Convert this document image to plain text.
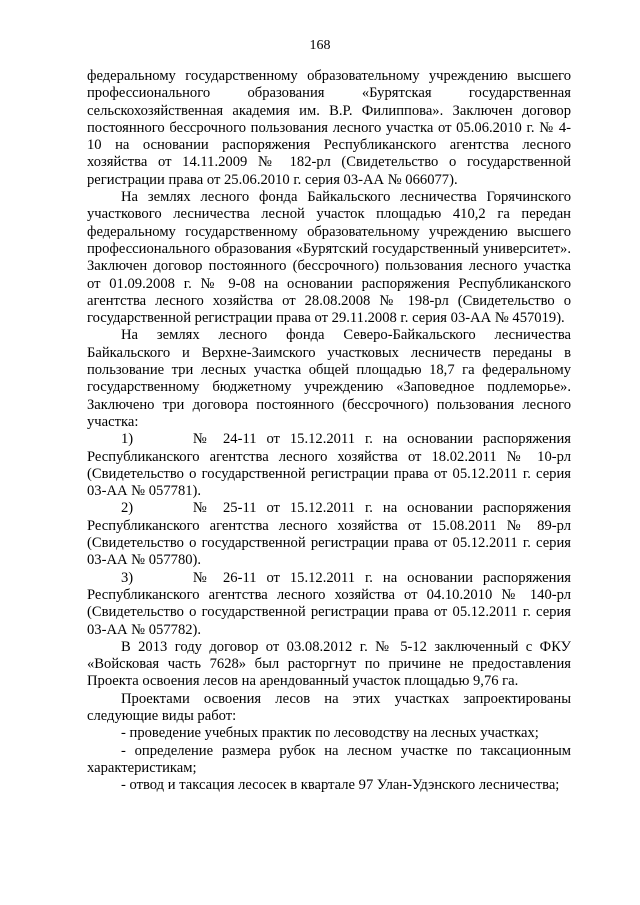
168

федеральному государственному образовательному учреждению высшего профессионального образования «Бурятская государственная сельскохозяйственная академия им. В.Р. Филиппова». Заключен договор постоянного бессрочного пользования лесного участка от 05.06.2010 г. № 4-10 на основании распоряжения Республиканского агентства лесного хозяйства от 14.11.2009 № 182-рл (Свидетельство о государственной регистрации права от 25.06.2010 г. серия 03-АА № 066077).

На землях лесного фонда Байкальского лесничества Горячинского участкового лесничества лесной участок площадью 410,2 га передан федеральному государственному образовательному учреждению высшего профессионального образования «Бурятский государственный университет». Заключен договор постоянного (бессрочного) пользования лесного участка от 01.09.2008 г. № 9-08 на основании распоряжения Республиканского агентства лесного хозяйства от 28.08.2008 № 198-рл (Свидетельство о государственной регистрации права от 29.11.2008 г. серия 03-АА № 457019).

На землях лесного фонда Северо-Байкальского лесничества Байкальского и Верхне-Заимского участковых лесничеств переданы в пользование три лесных участка общей площадью 18,7 га федеральному государственному бюджетному учреждению «Заповедное подлеморье». Заключено три договора постоянного (бессрочного) пользования лесного участка:

1)      № 24-11 от 15.12.2011 г. на основании распоряжения Республиканского агентства лесного хозяйства от 18.02.2011 № 10-рл (Свидетельство о государственной регистрации права от 05.12.2011 г. серия 03-АА № 057781).

2)      № 25-11 от 15.12.2011 г. на основании распоряжения Республиканского агентства лесного хозяйства от 15.08.2011 № 89-рл (Свидетельство о государственной регистрации права от 05.12.2011 г. серия 03-АА № 057780).

3)      № 26-11 от 15.12.2011 г. на основании распоряжения Республиканского агентства лесного хозяйства от 04.10.2010 № 140-рл (Свидетельство о государственной регистрации права от 05.12.2011 г. серия 03-АА № 057782).

В 2013 году договор от 03.08.2012 г. № 5-12 заключенный с ФКУ «Войсковая часть 7628» был расторгнут по причине не предоставления Проекта освоения лесов на арендованный участок площадью 9,76 га.

Проектами освоения лесов на этих участках запроектированы следующие виды работ:

- проведение учебных практик по лесоводству на лесных участках;

- определение размера рубок на лесном участке по таксационным характеристикам;

- отвод и таксация лесосек в квартале 97 Улан-Удэнского лесничества;
